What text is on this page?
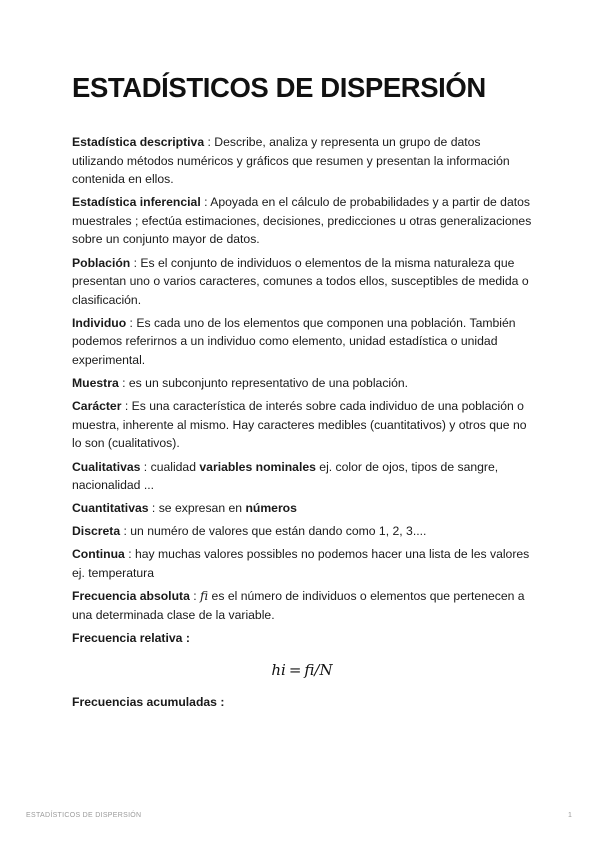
ESTADÍSTICOS DE DISPERSIÓN

Estadística descriptiva : Describe, analiza y representa un grupo de datos utilizando métodos numéricos y gráficos que resumen y presentan la información contenida en ellos.

Estadística inferencial : Apoyada en el cálculo de probabilidades y a partir de datos muestrales ; efectúa estimaciones, decisiones, predicciones u otras generalizaciones sobre un conjunto mayor de datos.

Población : Es el conjunto de individuos o elementos de la misma naturaleza que presentan uno o varios caracteres, comunes a todos ellos, susceptibles de medida o clasificación.

Individuo : Es cada uno de los elementos que componen una población. También podemos referirnos a un individuo como elemento, unidad estadística o unidad experimental.

Muestra : es un subconjunto representativo de una población.

Carácter : Es una característica de interés sobre cada individuo de una población o muestra, inherente al mismo. Hay caracteres medibles (cuantitativos) y otros que no lo son (cualitativos).

Cualitativas : cualidad variables nominales ej. color de ojos, tipos de sangre, nacionalidad ...

Cuantitativas : se expresan en números

Discreta : un numéro de valores que están dando como 1, 2, 3....

Continua : hay muchas valores possibles no podemos hacer una lista de les valores ej. temperatura

Frecuencia absoluta : fi es el número de individuos o elementos que pertenecen a una determinada clase de la variable.

Frecuencia relativa :

hi = fi/N

Frecuencias acumuladas :

ESTADÍSTICOS DE DISPERSIÓN	1
